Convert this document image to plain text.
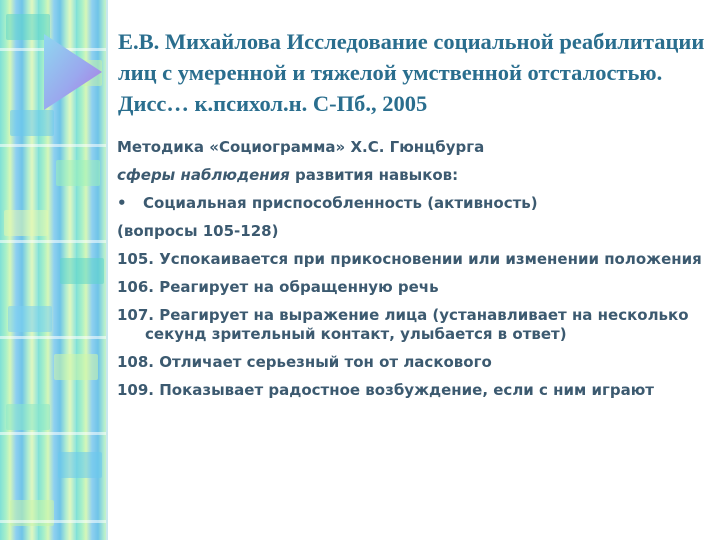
Е.В. Михайлова Исследование социальной реабилитации лиц с умеренной и тяжелой умственной отсталостью. Дисс… к.психол.н. С-Пб., 2005
Методика «Социограмма» Х.С. Гюнцбурга
сферы наблюдения развития навыков:
•	Социальная приспособленность (активность)
(вопросы 105-128)
105. Успокаивается при прикосновении или изменении положения
106. Реагирует на обращенную речь
107. Реагирует на выражение лица (устанавливает на несколько секунд зрительный контакт, улыбается в ответ)
108. Отличает серьезный тон от ласкового
109. Показывает радостное возбуждение, если с ним играют
